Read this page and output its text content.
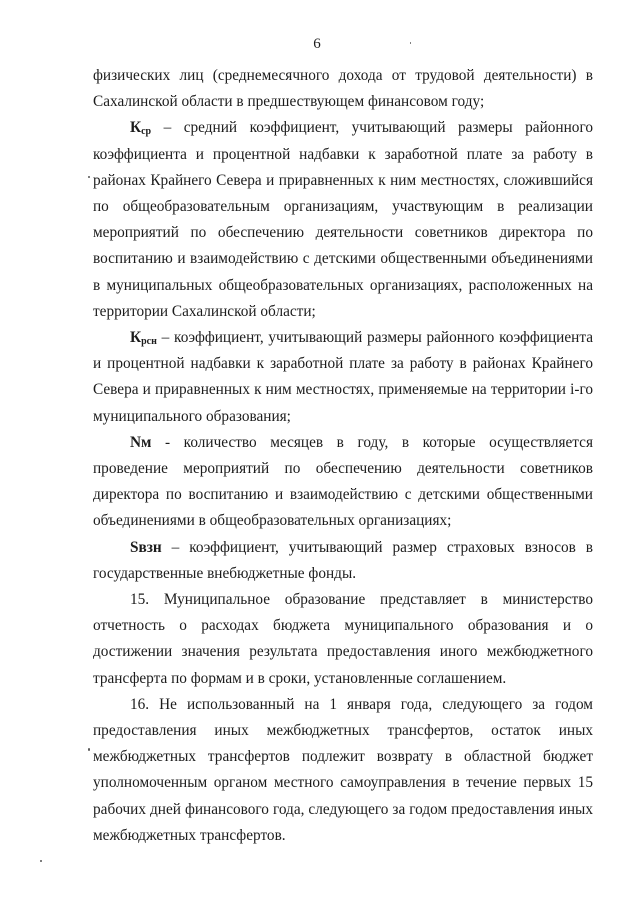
6

физических лиц (среднемесячного дохода от трудовой деятельности) в Сахалинской области в предшествующем финансовом году;

$К_{ср}$ – средний коэффициент, учитывающий размеры районного коэффициента и процентной надбавки к заработной плате за работу в районах Крайнего Севера и приравненных к ним местностях, сложившийся по общеобразовательным организациям, участвующим в реализации мероприятий по обеспечению деятельности советников директора по воспитанию и взаимодействию с детскими общественными объединениями в муниципальных общеобразовательных организациях, расположенных на территории Сахалинской области;

$К_{рсн}$ – коэффициент, учитывающий размеры районного коэффициента и процентной надбавки к заработной плате за работу в районах Крайнего Севера и приравненных к ним местностях, применяемые на территории i-го муниципального образования;

Nм - количество месяцев в году, в которые осуществляется проведение мероприятий по обеспечению деятельности советников директора по воспитанию и взаимодействию с детскими общественными объединениями в общеобразовательных организациях;

Sвзн – коэффициент, учитывающий размер страховых взносов в государственные внебюджетные фонды.

15. Муниципальное образование представляет в министерство отчетность о расходах бюджета муниципального образования и о достижении значения результата предоставления иного межбюджетного трансферта по формам и в сроки, установленные соглашением.

16. Не использованный на 1 января года, следующего за годом предоставления иных межбюджетных трансфертов, остаток иных межбюджетных трансфертов подлежит возврату в областной бюджет уполномоченным органом местного самоуправления в течение первых 15 рабочих дней финансового года, следующего за годом предоставления иных межбюджетных трансфертов.
